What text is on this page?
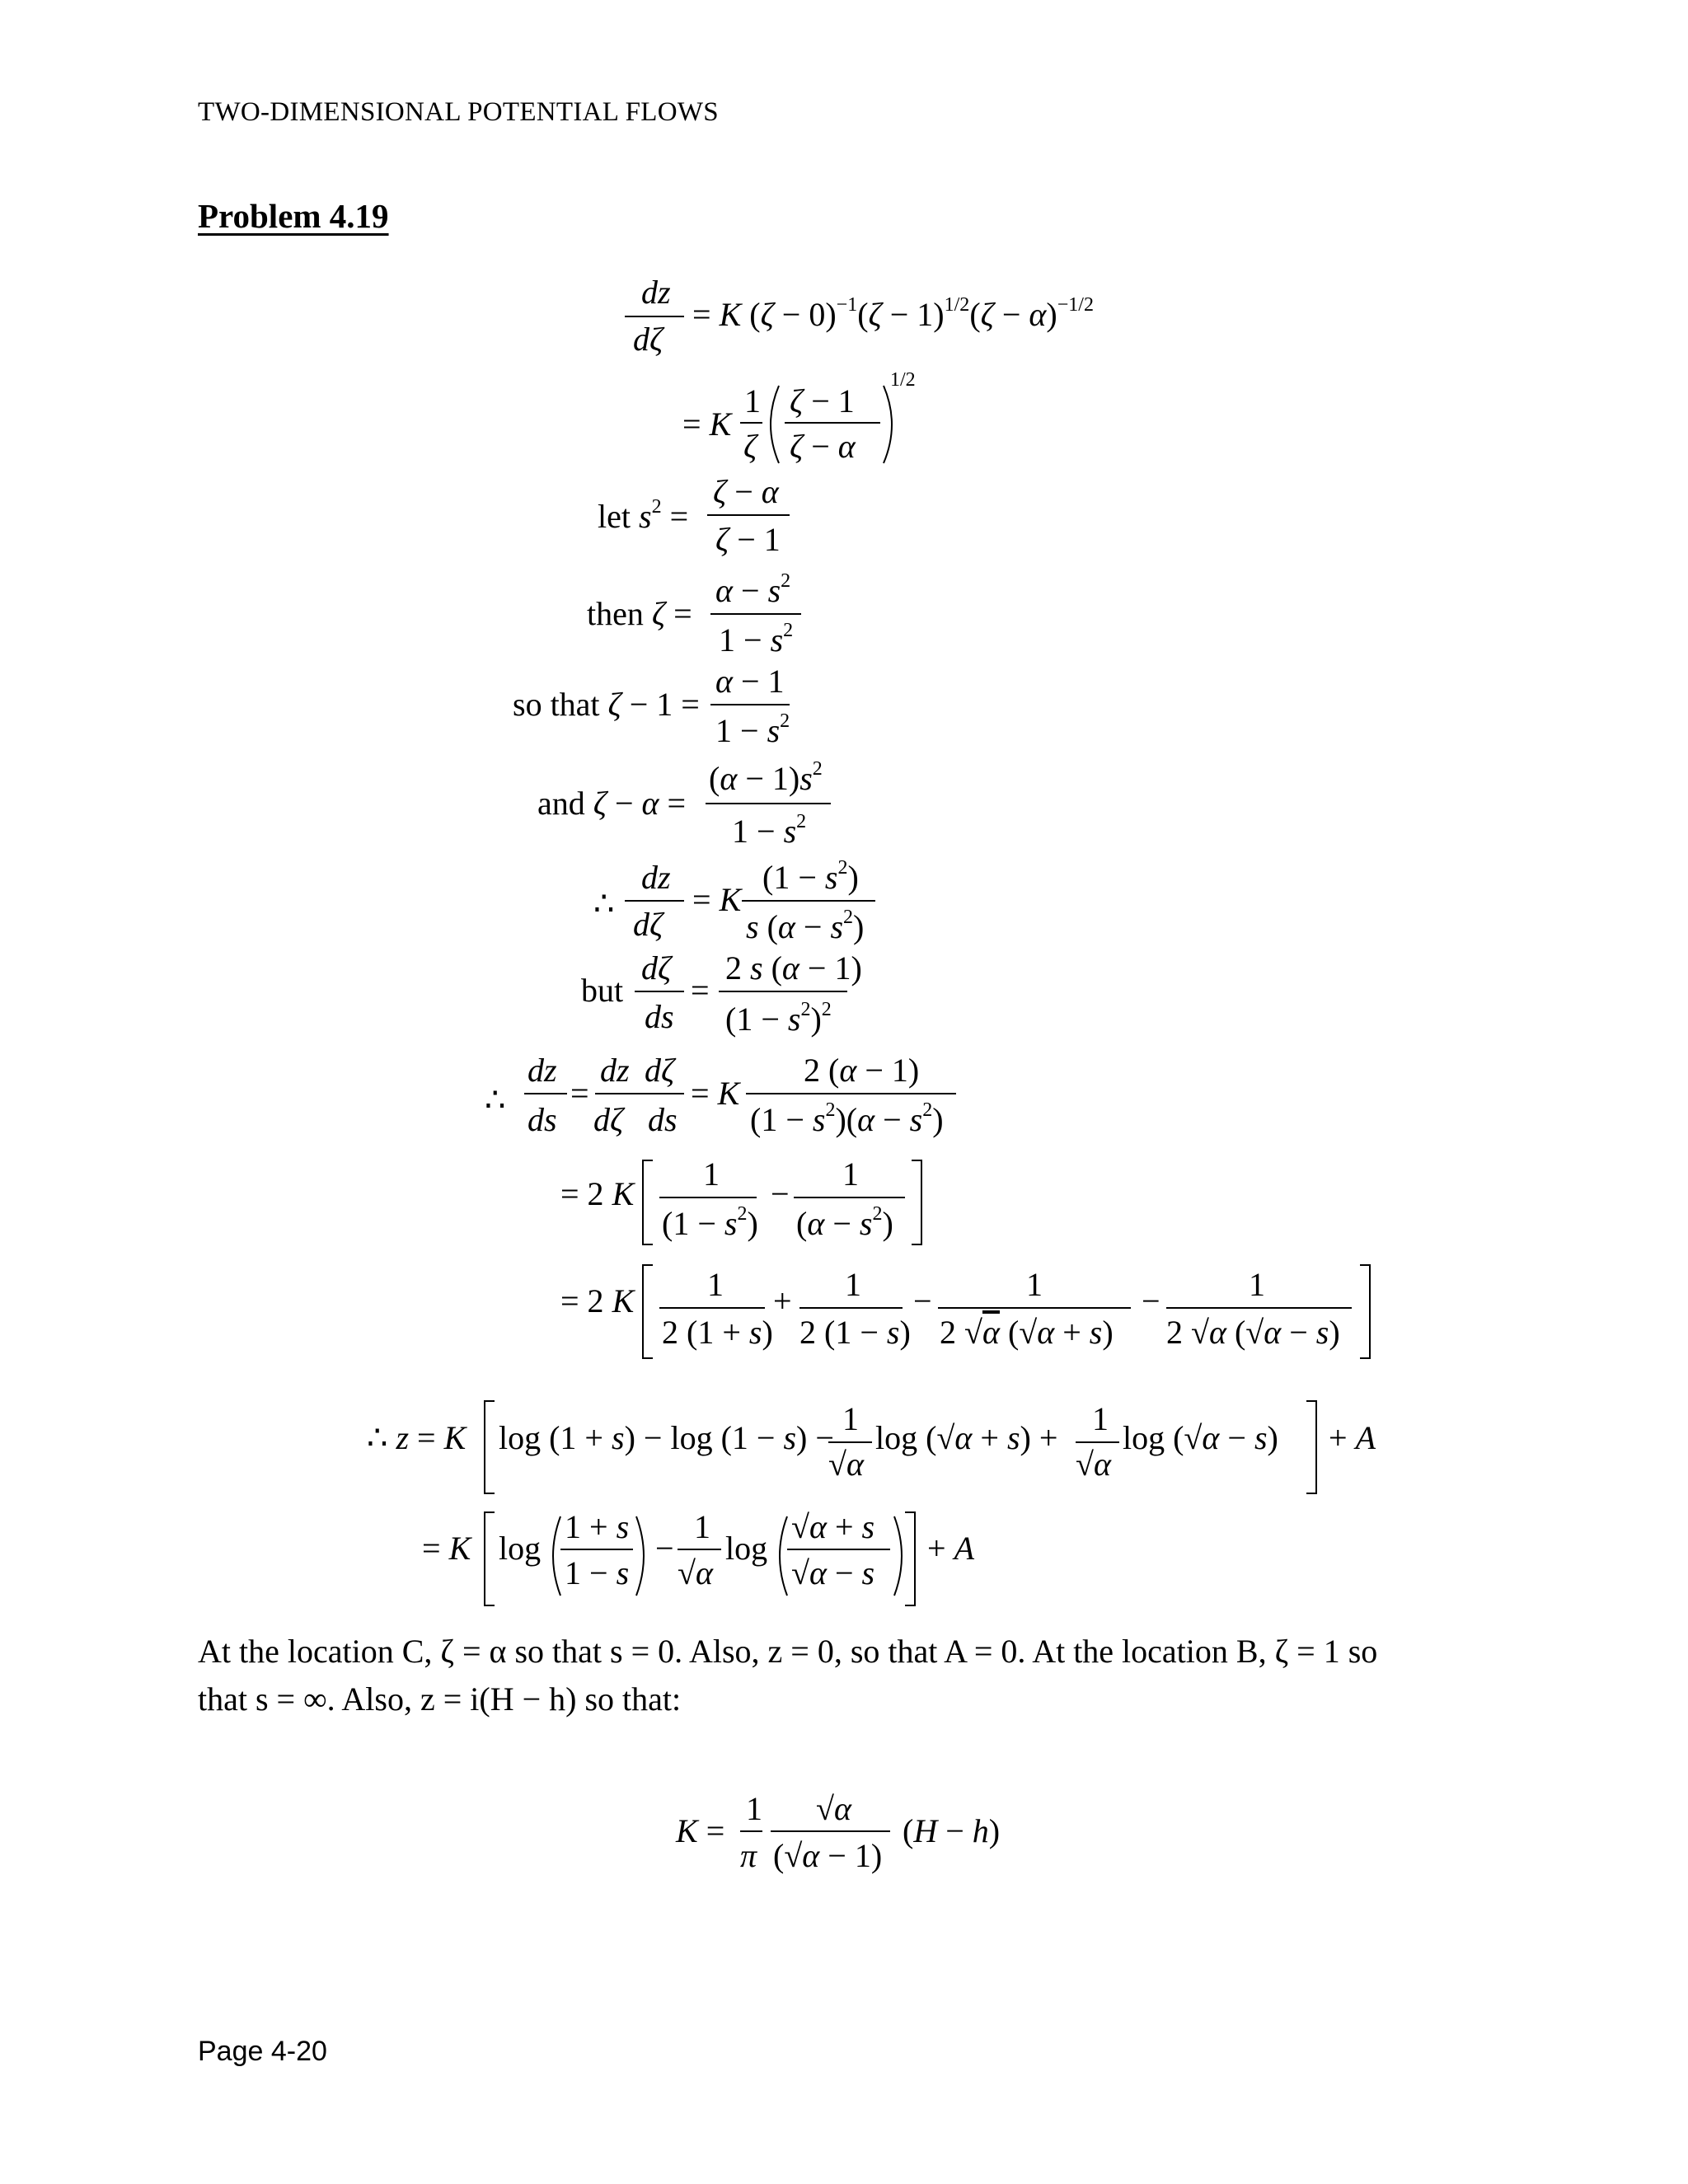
TWO-DIMENSIONAL POTENTIAL FLOWS
Problem 4.19
dz
dζ
= K $(\zeta - 0)^{-1}(\zeta - 1)^{1/2}(\zeta - \alpha)^{-1/2}$
= K
1
ζ
ζ − 1
ζ − α
1/2
let $s^2$ =
ζ − α
ζ − 1
then ζ =
$\alpha - s^2$
$1 - s^2$
so that ζ − 1 =
α − 1
$1 - s^2$
and ζ − α =
$(\alpha - 1)s^2$
$1 - s^2$
∴
dz
dζ
= K
$(1 - s^2)$
s $(\alpha - s^2)$
but
dζ
ds
=
2 s (α − 1)
$(1 - s^2)^2$
∴
dz
ds
=
dz dζ
dζ ds
= K
2 (α − 1)
$(1 - s^2)(\alpha - s^2)$
= 2 K
1
$(1 - s^2)$
−
1
$(\alpha - s^2)$
= 2 K 1
2 (1 + s)
+ 1
2 (1 − s)
−	1
2 √α (√α + s)
−	1
2 √α (√α − s)
∴ z = K log (1 + s) − log (1 − s) −
1
√α
log (√α + s) +
1
√α
log (√α − s) + A
= K log
1 + s
1 − s
−
1
√α
log
√α + s
√α − s
+ A
K =
1
π
√α
(√α − 1)
(H − h)
At the location C, ζ = α so that s = 0. Also, z = 0, so that A = 0. At the location B, ζ = 1 so
that s = ∞. Also, z = i(H − h) so that:
Page 4-20
